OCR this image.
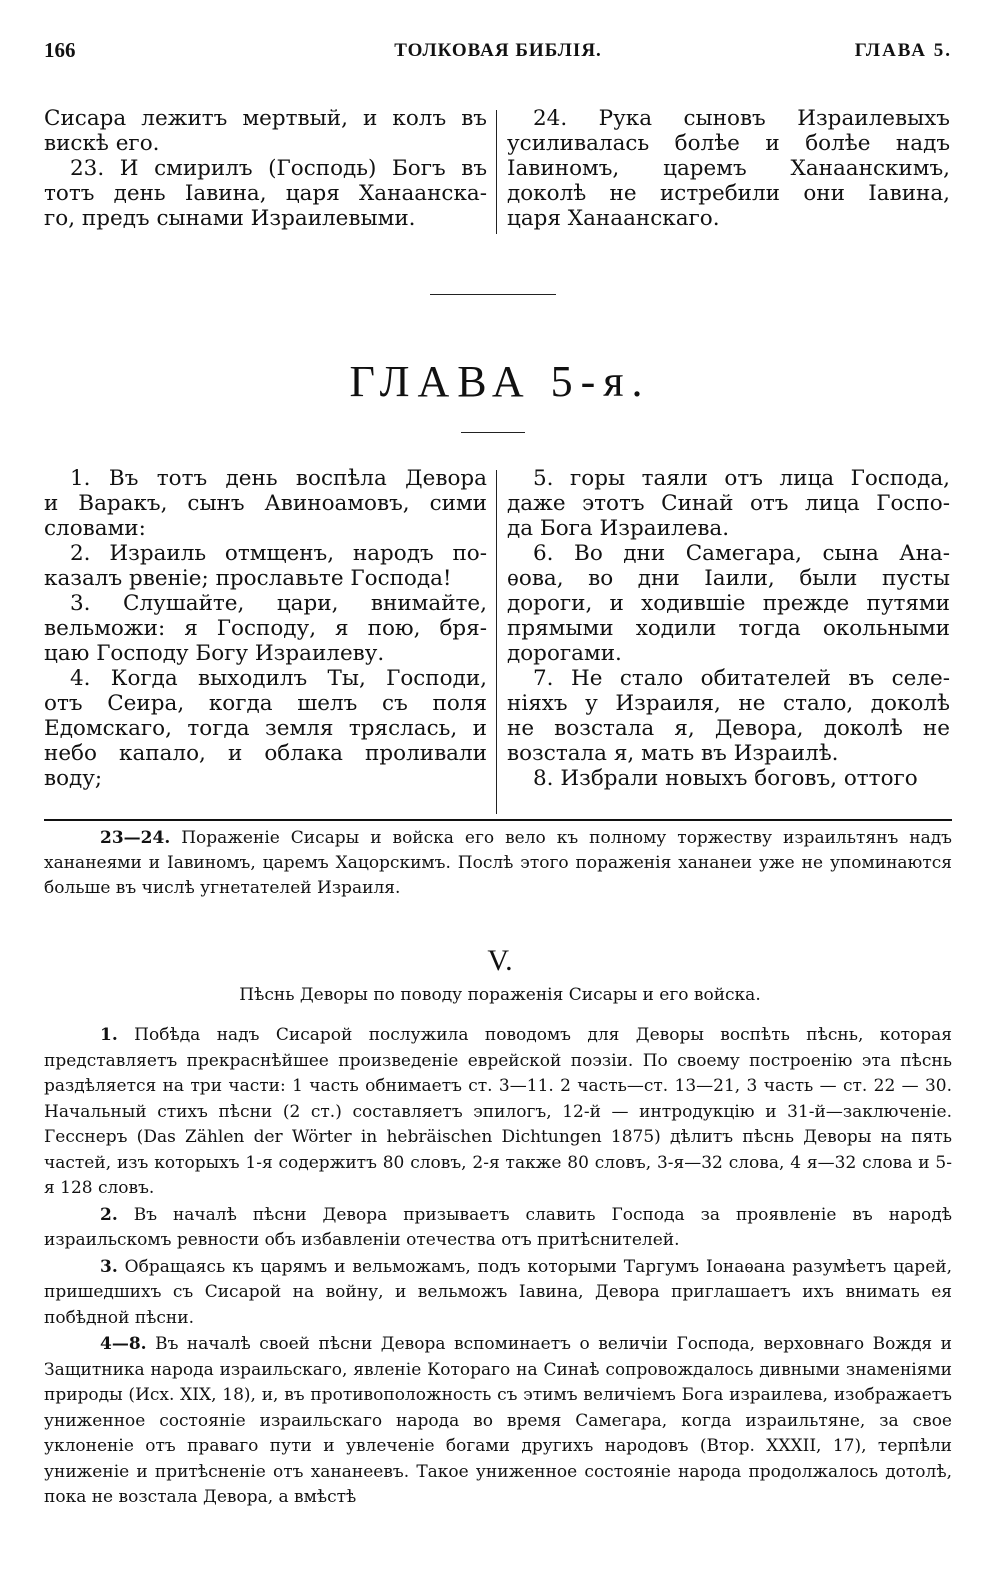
166	ТОЛКОВАЯ БИБЛІЯ.	ГЛАВА 5.

Сисара лежитъ мертвый, и колъ въ
вискѣ его.

23. И смирилъ (Господь) Богъ въ

тотъ день Іавина, царя Ханаанска-
го, предъ сынами Израилевыми.

24. Рука сыновъ Израилевыхъ

усиливалась болѣе и болѣе надъ
Іавиномъ, царемъ Ханаанскимъ,
доколѣ не истребили они Іавина,
царя Ханаанскаго.

ГЛАВА 5-я.

1. Въ тотъ день воспѣла Девора
и Варакъ, сынъ Авиноамовъ, сими
словами:

2. Израиль отмщенъ, народъ по-
казалъ рвеніе; прославьте Господа!

3. Слушайте, цари, внимайте,
вельможи: я Господу, я пою, бря-
цаю Господу Богу Израилеву.

4. Когда выходилъ Ты, Господи,
отъ Сеира, когда шелъ съ поля
Едомскаго, тогда земля тряслась, и
небо капало, и облака проливали
воду;

5. горы таяли отъ лица Господа,
даже этотъ Синай отъ лица Госпо-
да Бога Израилева.

6. Во дни Самегара, сына Ана-
ѳова, во дни Іаили, были пусты
дороги, и ходившіе прежде путями
прямыми ходили тогда окольными
дорогами.

7. Не стало обитателей въ селе-
ніяхъ у Израиля, не стало, доколѣ
не возстала я, Девора, доколѣ не
возстала я, мать въ Израилѣ.

8. Избрали новыхъ боговъ, оттого

23—24. Пораженіе Сисары и войска его вело къ полному торжеству израильтянъ надъ хананеями и Іавиномъ, царемъ Хацорскимъ. Послѣ этого пораженія хананеи уже не упоминаются больше въ числѣ угнетателей Израиля.
V.
Пѣснь Деворы по поводу пораженія Сисары и его войска.

1. Побѣда надъ Сисарой послужила поводомъ для Деворы воспѣть пѣснь, которая представляетъ прекраснѣйшее произведеніе еврейской поэзіи. По своему построенію эта пѣснь раздѣляется на три части: 1 часть обнимаетъ ст. 3—11. 2 часть—ст. 13—21, 3 часть — ст. 22 — 30. Начальный стихъ пѣсни (2 ст.) составляетъ эпилогъ, 12-й — интродукцію и 31-й—заключеніе. Гесснеръ (Das Zählen der Wörter in hebräischen Dichtungen 1875) дѣлитъ пѣснь Деворы на пять частей, изъ которыхъ 1-я содержитъ 80 словъ, 2-я также 80 словъ, 3-я—32 слова, 4 я—32 слова и 5-я 128 словъ.

2. Въ началѣ пѣсни Девора призываетъ славить Господа за проявленіе въ народѣ израильскомъ ревности объ избавленіи отечества отъ притѣснителей.

3. Обращаясь къ царямъ и вельможамъ, подъ которыми Таргумъ Іонаѳана разумѣетъ царей, пришедшихъ съ Сисарой на войну, и вельможъ Іавина, Девора приглашаетъ ихъ внимать ея побѣдной пѣсни.

4—8. Въ началѣ своей пѣсни Девора вспоминаетъ о величіи Господа, верховнаго Вождя и Защитника народа израильскаго, явленіе Котораго на Синаѣ сопровождалось дивными знаменіями природы (Исх. XIX, 18), и, въ противоположность съ этимъ величіемъ Бога израилева, изображаетъ униженное состояніе израильскаго народа во время Самегара, когда израильтяне, за свое уклоненіе отъ праваго пути и увлеченіе богами другихъ народовъ (Втор. XXXII, 17), терпѣли униженіе и притѣсненіе отъ хананеевъ. Такое униженное состояніе народа продолжалось дотолѣ, пока не возстала Девора, а вмѣстѣ
